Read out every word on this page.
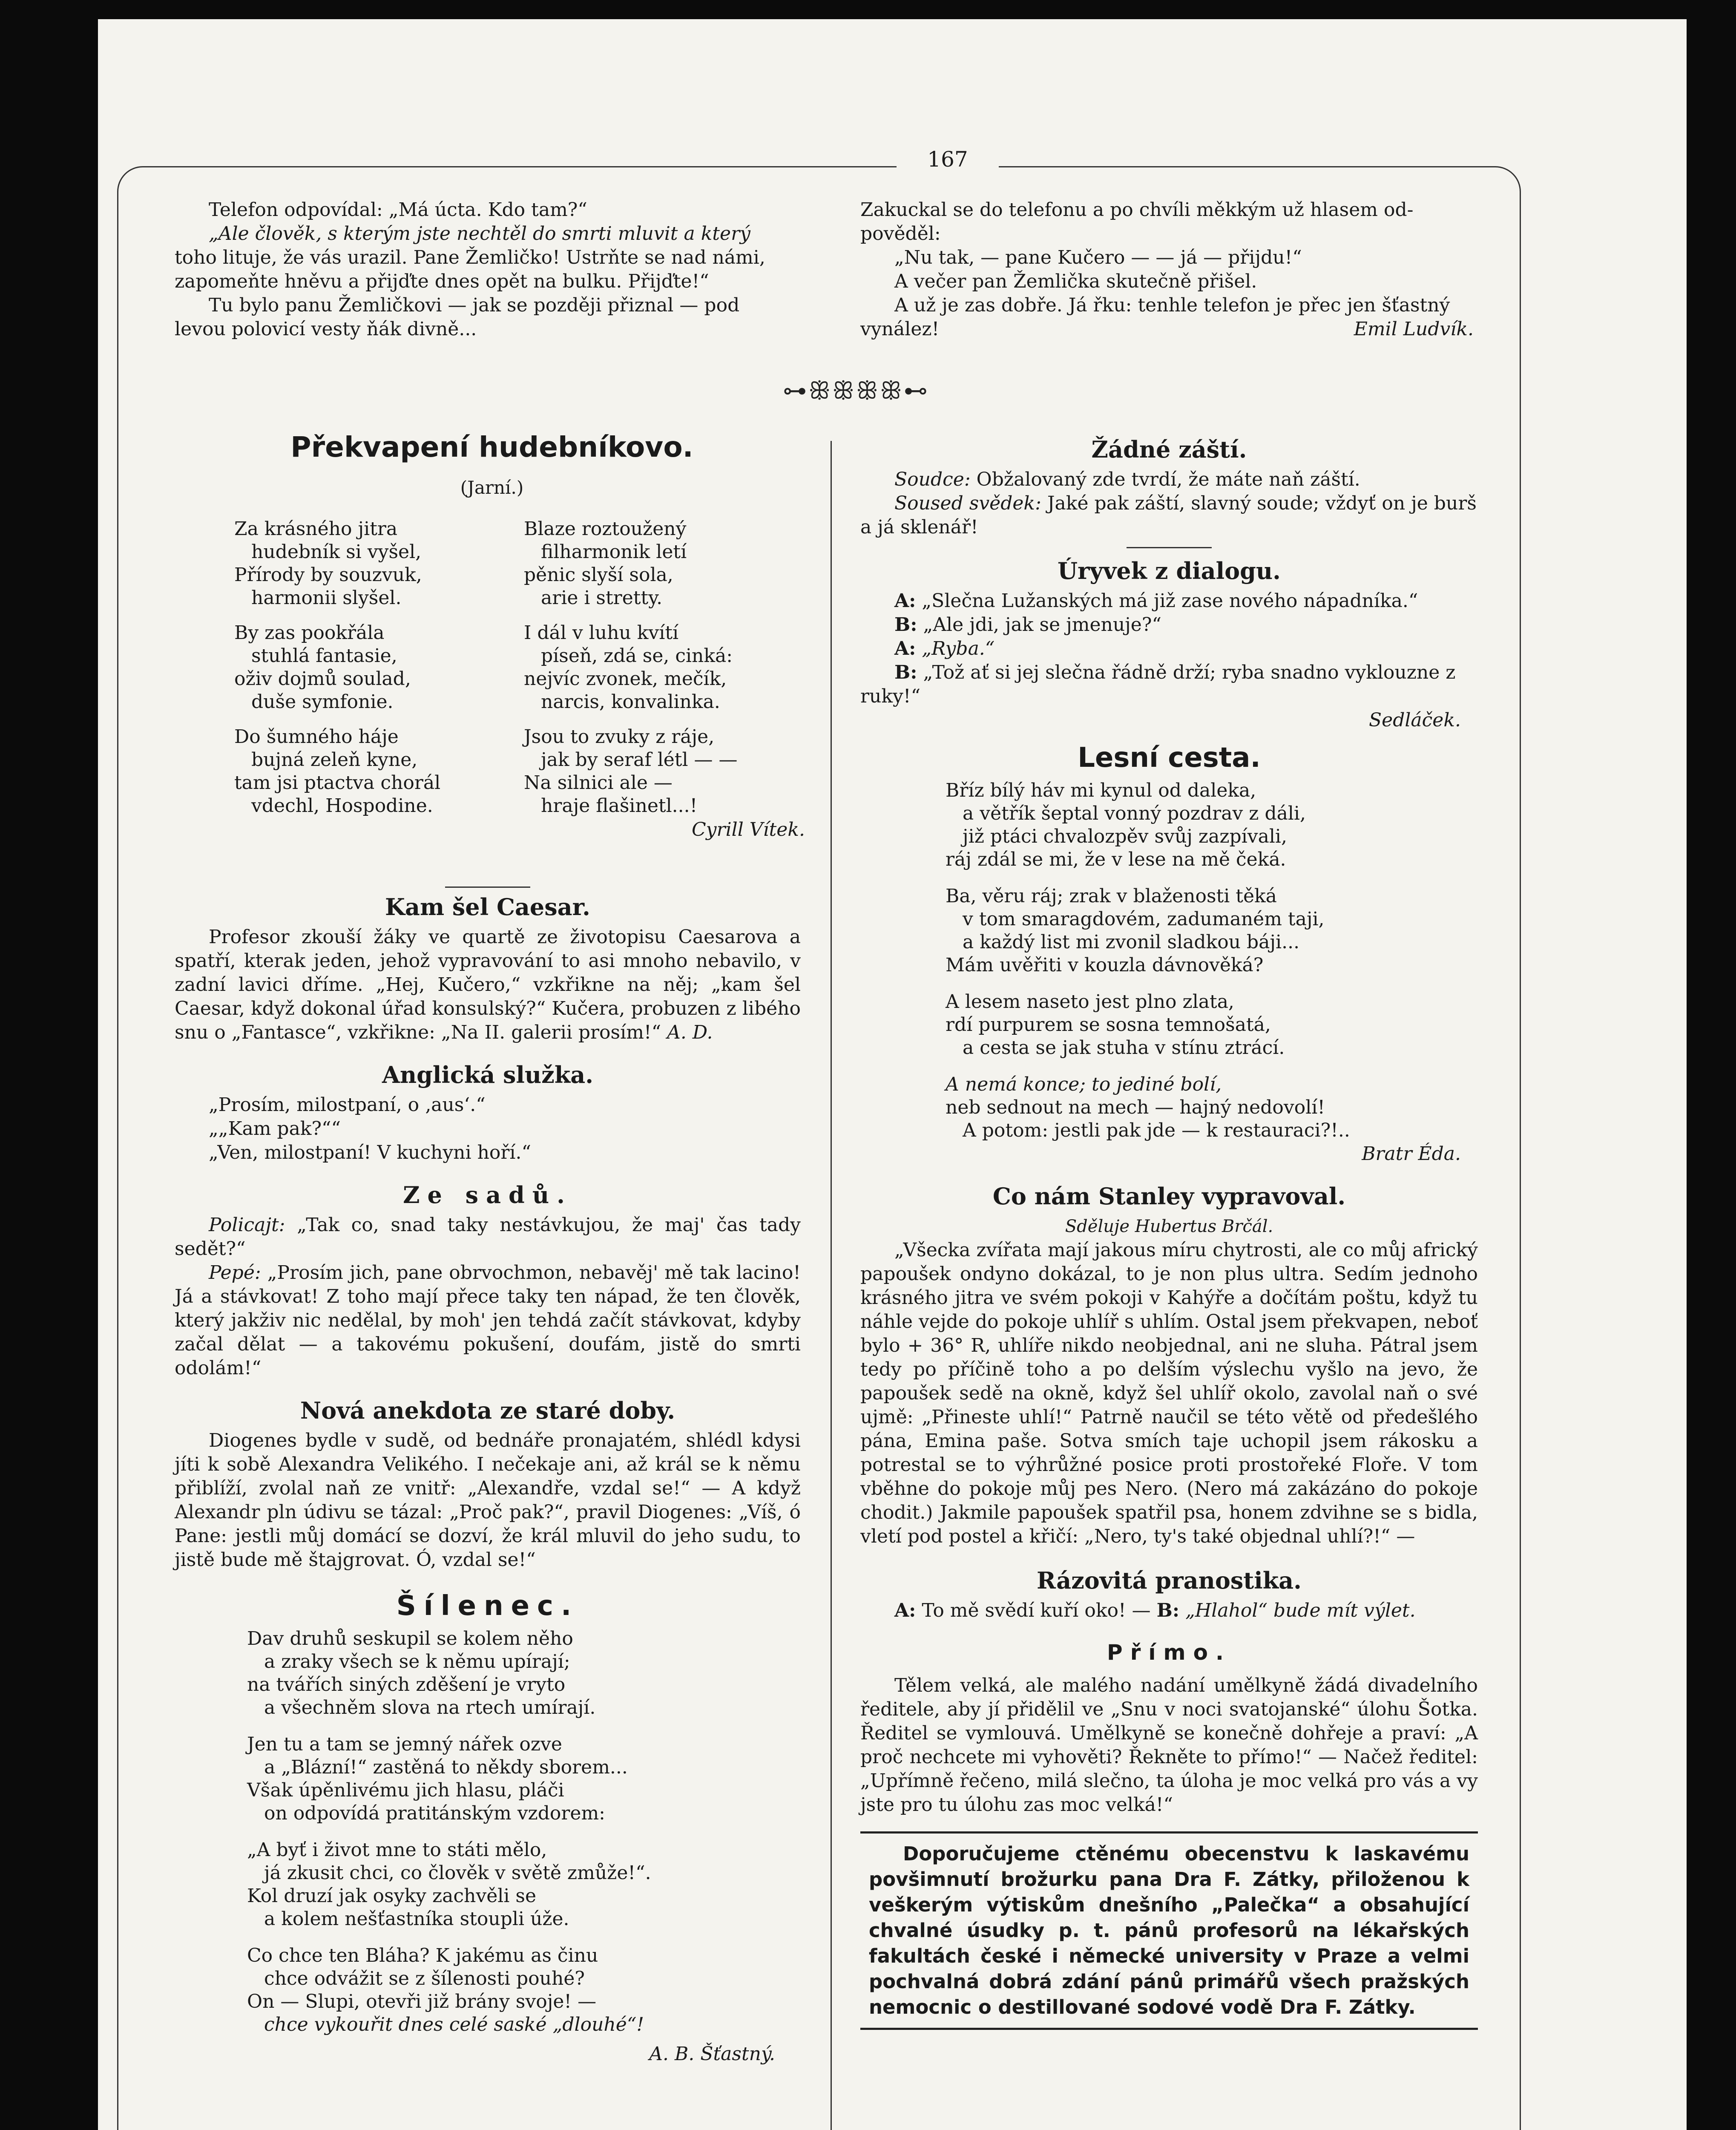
167

Telefon odpovídal: „Má úcta. Kdo tam?“

„Ale člověk, s kterým jste nechtěl do smrti mluvit a který

toho lituje, že vás urazil. Pane Žemličko! Ustrňte se nad námi,

zapomeňte hněvu a přijďte dnes opět na bulku. Přijďte!“

Tu bylo panu Žemličkovi — jak se později přiznal — pod

levou polovicí vesty ňák divně...

Zakuckal se do telefonu a po chvíli měkkým už hlasem od-

pověděl:

„Nu tak, — pane Kučero — — já — přijdu!“

A večer pan Žemlička skutečně přišel.

A už je zas dobře. Já řku: tenhle telefon je přec jen šťastný

vynález!	Emil Ludvík.

⊶ꕥꕥꕥꕥ⊷
Překvapení hudebníkovo.
(Jarní.)
Za krásného jitra
hudebník si vyšel,
Přírody by souzvuk,
harmonii slyšel.
By zas pookřála
stuhlá fantasie,
oživ dojmů soulad,
duše symfonie.
Do šumného háje
bujná zeleň kyne,
tam jsi ptactva chorál
vdechl, Hospodine.
Blaze roztoužený
filharmonik letí
pěnic slyší sola,
arie i stretty.
I dál v luhu kvítí
píseň, zdá se, cinká:
nejvíc zvonek, mečík,
narcis, konvalinka.
Jsou to zvuky z ráje,
jak by seraf létl — —
Na silnici ale —
hraje flašinetl...!
Cyrill Vítek.
Kam šel Caesar.

Profesor zkouší žáky ve quartě ze životopisu Caesarova a spatří, kterak jeden, jehož vypravování to asi mnoho nebavilo, v zadní lavici dříme. „Hej, Kučero,“ vzkřikne na něj; „kam šel Caesar, když dokonal úřad konsulský?“ Kučera, probuzen z libého snu o „Fantasce“, vzkřikne: „Na II. galerii prosím!“ A. D.

Anglická služka.

„Prosím, milostpaní, o ‚aus‘.“

„„Kam pak?““

„Ven, milostpaní! V kuchyni hoří.“

Ze sadů.

Policajt: „Tak co, snad taky nestávkujou, že maj' čas tady sedět?“

Pepé: „Prosím jich, pane obrvochmon, nebavěj' mě tak lacino! Já a stávkovat! Z toho mají přece taky ten nápad, že ten člověk, který jakživ nic nedělal, by moh' jen tehdá začít stávkovat, kdyby začal dělat — a takovému pokušení, doufám, jistě do smrti odolám!“

Nová anekdota ze staré doby.

Diogenes bydle v sudě, od bednáře pronajatém, shlédl kdysi jíti k sobě Alexandra Velikého. I nečekaje ani, až král se k němu přiblíží, zvolal naň ze vnitř: „Alexandře, vzdal se!“ — A když Alexandr pln údivu se tázal: „Proč pak?“, pravil Diogenes: „Víš, ó Pane: jestli můj domácí se dozví, že král mluvil do jeho sudu, to jistě bude mě štajgrovat. Ó, vzdal se!“

Šílenec.
Dav druhů seskupil se kolem něho
a zraky všech se k němu upírají;
na tvářích siných zděšení je vryto
a všechněm slova na rtech umírají.
Jen tu a tam se jemný nářek ozve
a „Blázní!“ zastěná to někdy sborem...
Však úpěnlivému jich hlasu, pláči
on odpovídá pratitánským vzdorem:
„A byť i život mne to státi mělo,
já zkusit chci, co člověk v světě zmůže!“.
Kol druzí jak osyky zachvěli se
a kolem nešťastníka stoupli úže.
Co chce ten Bláha? K jakému as činu
chce odvážit se z šílenosti pouhé?
On — Slupi, otevři již brány svoje! —
chce vykouřit dnes celé saské „dlouhé“!
A. B. Šťastný.
Žádné záští.

Soudce: Obžalovaný zde tvrdí, že máte naň záští.

Soused svědek: Jaké pak záští, slavný soude; vždyť on je burš a já sklenář!

Úryvek z dialogu.

A: „Slečna Lužanských má již zase nového nápadníka.“

B: „Ale jdi, jak se jmenuje?“

A: „Ryba.“

B: „Tož ať si jej slečna řádně drží; ryba snadno vyklouzne z ruky!“

Sedláček.

Lesní cesta.
Bříz bílý háv mi kynul od daleka,
a větřík šeptal vonný pozdrav z dáli,
již ptáci chvalozpěv svůj zazpívali,
ráj zdál se mi, že v lese na mě čeká.
Ba, věru ráj; zrak v blaženosti těká
v tom smaragdovém, zadumaném taji,
a každý list mi zvonil sladkou báji...
Mám uvěřiti v kouzla dávnověká?
A lesem naseto jest plno zlata,
rdí purpurem se sosna temnošatá,
a cesta se jak stuha v stínu ztrácí.
A nemá konce; to jediné bolí,
neb sednout na mech — hajný nedovolí!
A potom: jestli pak jde — k restauraci?!..

Bratr Éda.

Co nám Stanley vypravoval.

Sděluje Hubertus Brčál.

„Všecka zvířata mají jakous míru chytrosti, ale co můj africký papoušek ondyno dokázal, to je non plus ultra. Sedím jednoho krásného jitra ve svém pokoji v Kahýře a dočítám poštu, když tu náhle vejde do pokoje uhlíř s uhlím. Ostal jsem překvapen, neboť bylo + 36° R, uhlíře nikdo neobjednal, ani ne sluha. Pátral jsem tedy po příčině toho a po delším výslechu vyšlo na jevo, že papoušek sedě na okně, když šel uhlíř okolo, zavolal naň o své ujmě: „Přineste uhlí!“ Patrně naučil se této větě od předešlého pána, Emina paše. Sotva smích taje uchopil jsem rákosku a potrestal se to výhrůžné posice proti prostořeké Floře. V tom vběhne do pokoje můj pes Nero. (Nero má zakázáno do pokoje chodit.) Jakmile papoušek spatřil psa, honem zdvihne se s bidla, vletí pod postel a křičí: „Nero, ty's také objednal uhlí?!“ —

Rázovitá pranostika.

A: To mě svědí kuří oko! — B: „Hlahol“ bude mít výlet.

Přímo.

Tělem velká, ale malého nadání umělkyně žádá divadelního ředitele, aby jí přidělil ve „Snu v noci svatojanské“ úlohu Šotka. Ředitel se vymlouvá. Umělkyně se konečně dohřeje a praví: „A proč nechcete mi vyhověti? Řekněte to přímo!“ — Načež ředitel: „Upřímně řečeno, milá slečno, ta úloha je moc velká pro vás a vy jste pro tu úlohu zas moc velká!“

Doporučujeme ctěnému obecenstvu k laskavému povšimnutí brožurku pana Dra F. Zátky, přiloženou k veškerým výtiskům dnešního „Palečka“ a obsahující chvalné úsudky p. t. pánů profesorů na lékařských fakultách české i německé university v Praze a velmi pochvalná dobrá zdání pánů primářů všech pražských nemocnic o destillované sodové vodě Dra F. Zátky.
